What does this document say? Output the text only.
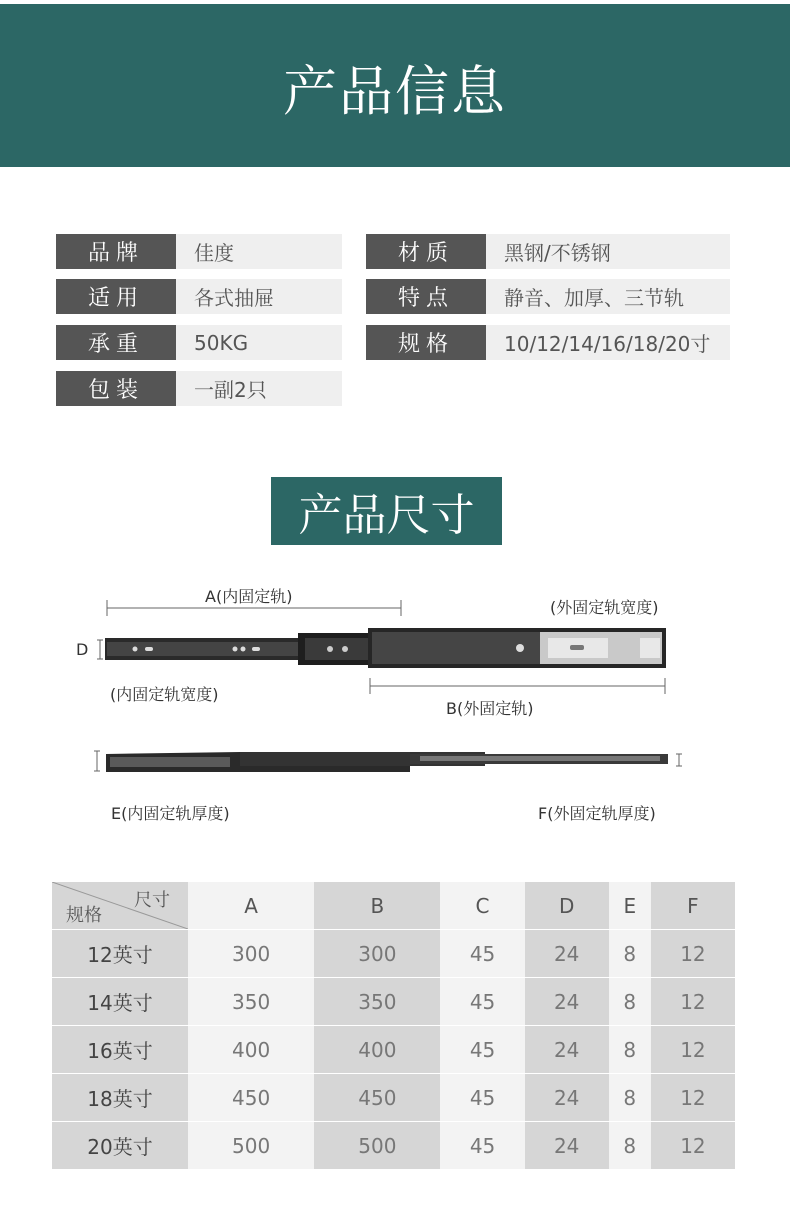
产品信息
品牌	佳度
适用	各式抽屉
承重	50KG
包装	一副2只
材质	黑钢/不锈钢
特点	静音、加厚、三节轨
规格	10/12/14/16/18/20寸
产品尺寸
A(内固定轨)
(外固定轨宽度)
D
(内固定轨宽度)
B(外固定轨)
E(内固定轨厚度)	F(外固定轨厚度)
尺寸
规格	A	B	C	D	E	F
12英寸	300	300	45	24	8	12
14英寸	350	350	45	24	8	12
16英寸	400	400	45	24	8	12
18英寸	450	450	45	24	8	12
20英寸	500	500	45	24	8	12
